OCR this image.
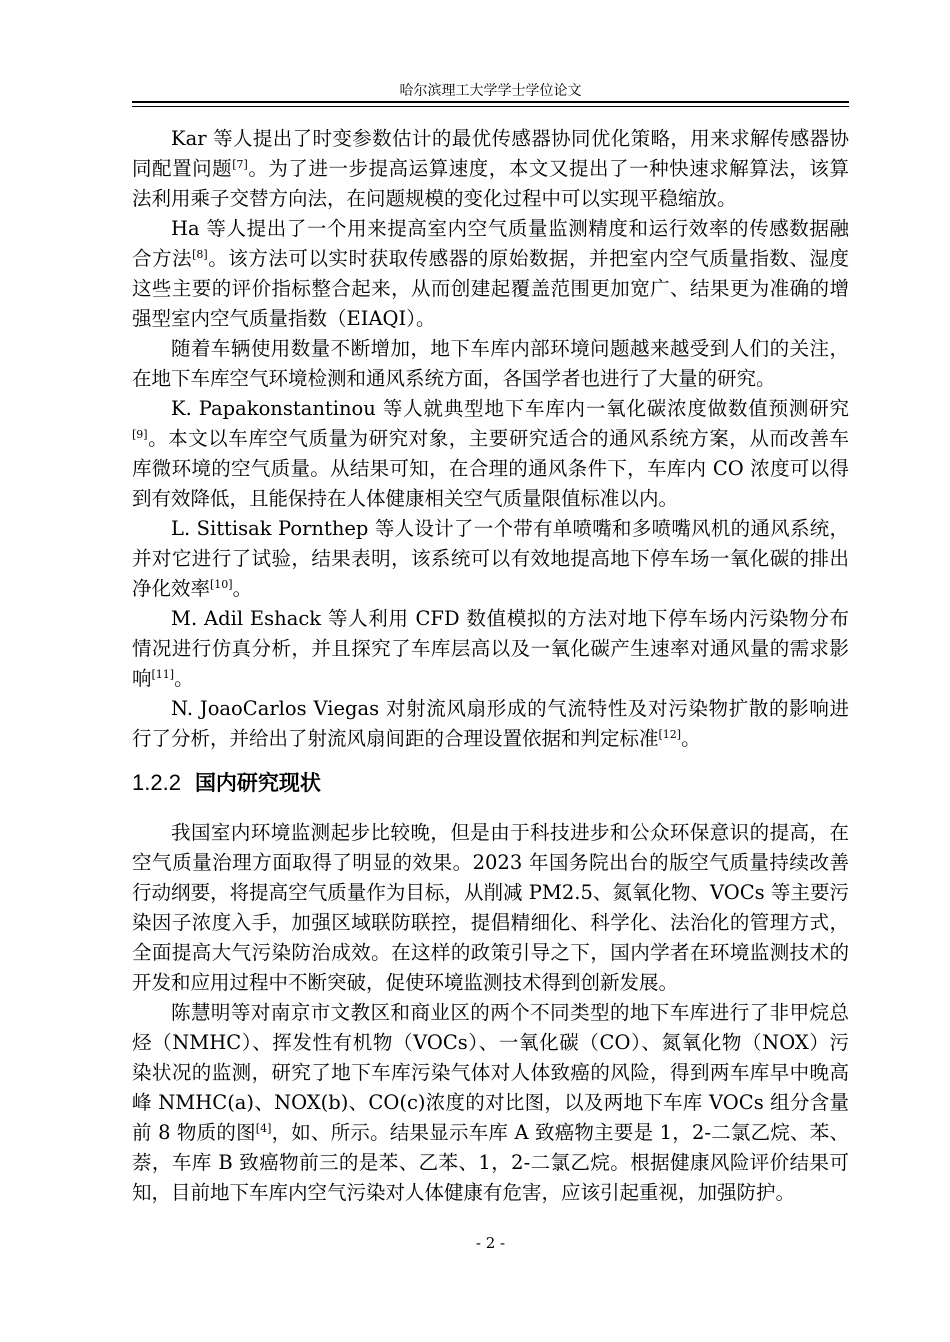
哈尔滨理工大学学士学位论文

Kar 等人提出了时变参数估计的最优传感器协同优化策略，用来求解传感器协同配置问题[7]。为了进一步提高运算速度，本文又提出了一种快速求解算法，该算法利用乘子交替方向法，在问题规模的变化过程中可以实现平稳缩放。

Ha 等人提出了一个用来提高室内空气质量监测精度和运行效率的传感数据融合方法[8]。该方法可以实时获取传感器的原始数据，并把室内空气质量指数、湿度这些主要的评价指标整合起来，从而创建起覆盖范围更加宽广、结果更为准确的增强型室内空气质量指数（EIAQI）。

随着车辆使用数量不断增加，地下车库内部环境问题越来越受到人们的关注，在地下车库空气环境检测和通风系统方面，各国学者也进行了大量的研究。

K. Papakonstantinou 等人就典型地下车库内一氧化碳浓度做数值预测研究[9]。本文以车库空气质量为研究对象，主要研究适合的通风系统方案，从而改善车库微环境的空气质量。从结果可知，在合理的通风条件下，车库内 CO 浓度可以得到有效降低，且能保持在人体健康相关空气质量限值标准以内。

L. Sittisak Pornthep 等人设计了一个带有单喷嘴和多喷嘴风机的通风系统，并对它进行了试验，结果表明，该系统可以有效地提高地下停车场一氧化碳的排出净化效率[10]。

M. Adil Eshack 等人利用 CFD 数值模拟的方法对地下停车场内污染物分布情况进行仿真分析，并且探究了车库层高以及一氧化碳产生速率对通风量的需求影响[11]。

N. JoaoCarlos Viegas 对射流风扇形成的气流特性及对污染物扩散的影响进行了分析，并给出了射流风扇间距的合理设置依据和判定标准[12]。

1.2.2 国内研究现状

我国室内环境监测起步比较晚，但是由于科技进步和公众环保意识的提高，在空气质量治理方面取得了明显的效果。2023 年国务院出台的版空气质量持续改善行动纲要，将提高空气质量作为目标，从削减 PM2.5、氮氧化物、VOCs 等主要污染因子浓度入手，加强区域联防联控，提倡精细化、科学化、法治化的管理方式，全面提高大气污染防治成效。在这样的政策引导之下，国内学者在环境监测技术的开发和应用过程中不断突破，促使环境监测技术得到创新发展。

陈慧明等对南京市文教区和商业区的两个不同类型的地下车库进行了非甲烷总烃（NMHC）、挥发性有机物（VOCs）、一氧化碳（CO）、氮氧化物（NOX）污染状况的监测，研究了地下车库污染气体对人体致癌的风险，得到两车库早中晚高峰 NMHC(a)、NOX(b)、CO(c)浓度的对比图，以及两地下车库 VOCs 组分含量前 8 物质的图[4]，如、所示。结果显示车库 A 致癌物主要是 1，2-二氯乙烷、苯、萘，车库 B 致癌物前三的是苯、乙苯、1，2-二氯乙烷。根据健康风险评价结果可知，目前地下车库内空气污染对人体健康有危害，应该引起重视，加强防护。

- 2 -
